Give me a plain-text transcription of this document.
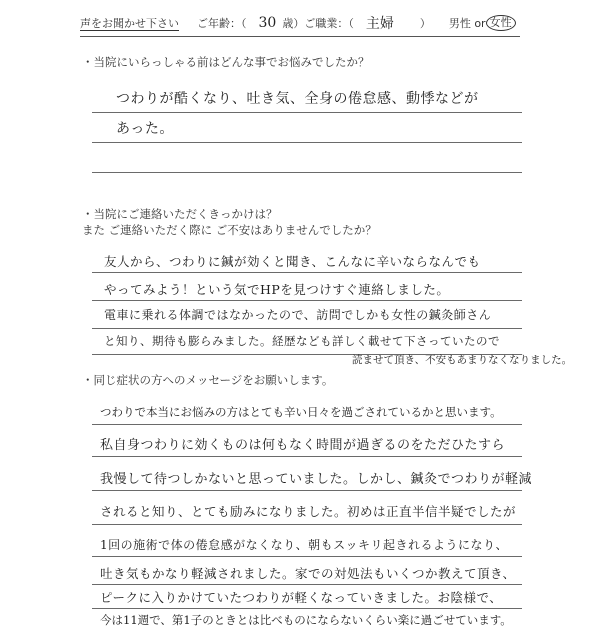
声をお聞かせ下さい ご年齢：（ 30 歳）ご職業：（ 主婦 ） 男性 or 女性
・当院にいらっしゃる前はどんな事でお悩みでしたか？
つわりが酷くなり、吐き気、全身の倦怠感、動悸などが
あった。
・当院にご連絡いただくきっかけは？
また ご連絡いただく際に ご不安はありませんでしたか？
友人から、つわりに鍼が効くと聞き、こんなに辛いならなんでも
やってみよう！という気でHPを見つけすぐ連絡しました。
電車に乗れる体調ではなかったので、訪問でしかも女性の鍼灸師さん
と知り、期待も膨らみました。経歴なども詳しく載せて下さっていたので
読ませて頂き、不安もあまりなくなりました。
・同じ症状の方へのメッセージをお願いします。
つわりで本当にお悩みの方はとても辛い日々を過ごされているかと思います。
私自身つわりに効くものは何もなく時間が過ぎるのをただひたすら
我慢して待つしかないと思っていました。しかし、鍼灸でつわりが軽減
されると知り、とても励みになりました。初めは正直半信半疑でしたが
1回の施術で体の倦怠感がなくなり、朝もスッキリ起きれるようになり、
吐き気もかなり軽減されました。家での対処法もいくつか教えて頂き、
ピークに入りかけていたつわりが軽くなっていきました。お陰様で、
今は11週で、第1子のときとは比べものにならないくらい楽に過ごせています。
